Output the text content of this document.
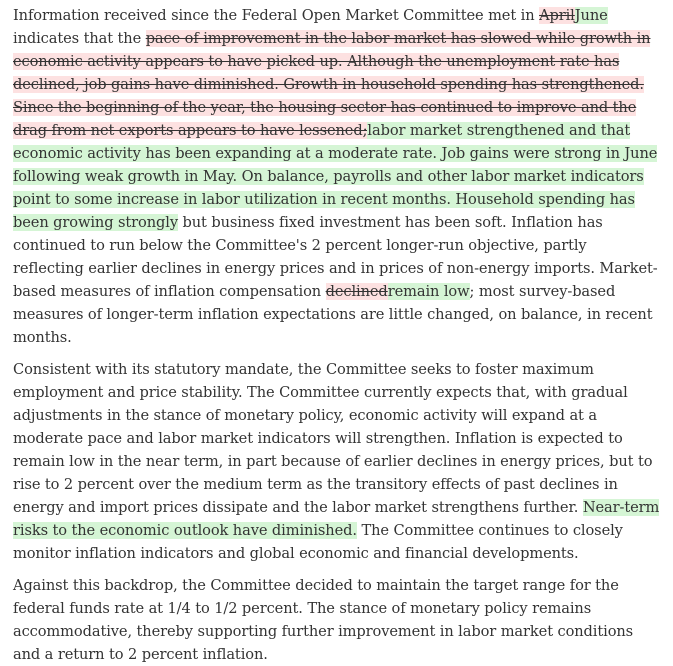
Information received since the Federal Open Market Committee met in AprilJune indicates that the pace of improvement in the labor market has slowed while growth in economic activity appears to have picked up. Although the unemployment rate has declined, job gains have diminished. Growth in household spending has strengthened. Since the beginning of the year, the housing sector has continued to improve and the drag from net exports appears to have lessened;labor market strengthened and that economic activity has been expanding at a moderate rate. Job gains were strong in June following weak growth in May. On balance, payrolls and other labor market indicators point to some increase in labor utilization in recent months. Household spending has been growing strongly but business fixed investment has been soft. Inflation has continued to run below the Committee's 2 percent longer-run objective, partly reflecting earlier declines in energy prices and in prices of non-energy imports. Market-based measures of inflation compensation declinedremain low; most survey-based measures of longer-term inflation expectations are little changed, on balance, in recent months.

Consistent with its statutory mandate, the Committee seeks to foster maximum employment and price stability. The Committee currently expects that, with gradual adjustments in the stance of monetary policy, economic activity will expand at a moderate pace and labor market indicators will strengthen. Inflation is expected to remain low in the near term, in part because of earlier declines in energy prices, but to rise to 2 percent over the medium term as the transitory effects of past declines in energy and import prices dissipate and the labor market strengthens further. Near-term risks to the economic outlook have diminished. The Committee continues to closely monitor inflation indicators and global economic and financial developments.

Against this backdrop, the Committee decided to maintain the target range for the federal funds rate at 1/4 to 1/2 percent. The stance of monetary policy remains accommodative, thereby supporting further improvement in labor market conditions and a return to 2 percent inflation.
